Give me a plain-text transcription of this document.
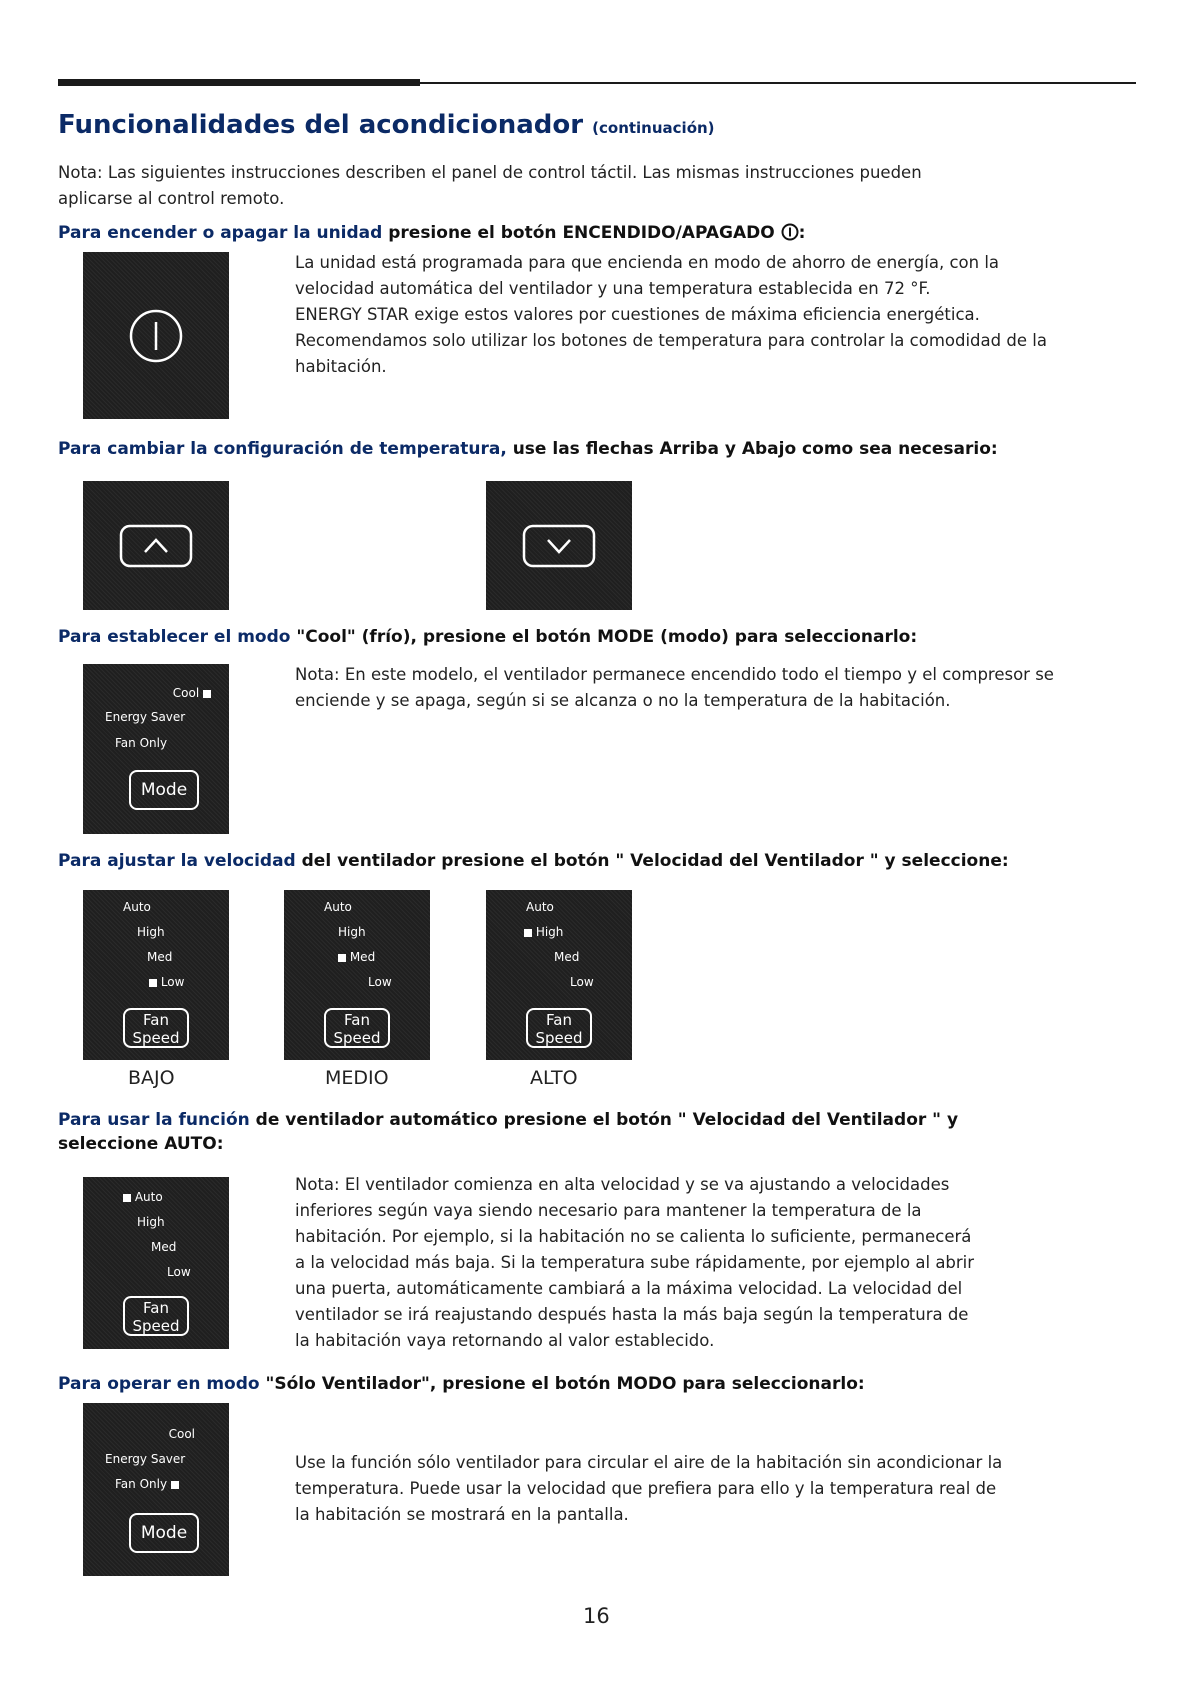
Funcionalidades del acondicionador (continuación)
Nota: Las siguientes instrucciones describen el panel de control táctil. Las mismas instrucciones pueden
aplicarse al control remoto.
Para encender o apagar la unidad presione el botón ENCENDIDO/APAGADO :
La unidad está programada para que encienda en modo de ahorro de energía, con la
velocidad automática del ventilador y una temperatura establecida en 72 °F.
ENERGY STAR exige estos valores por cuestiones de máxima eficiencia energética.
Recomendamos solo utilizar los botones de temperatura para controlar la comodidad de la
habitación.
Para cambiar la configuración de temperatura, use las flechas Arriba y Abajo como sea necesario:
Para establecer el modo "Cool" (frío), presione el botón MODE (modo) para seleccionarlo:
Cool
Energy Saver
Fan Only
Mode
Nota: En este modelo, el ventilador permanece encendido todo el tiempo y el compresor se
enciende y se apaga, según si se alcanza o no la temperatura de la habitación.
Para ajustar la velocidad del ventilador presione el botón " Velocidad del Ventilador " y seleccione:
Auto
High
Med
Low
Fan
Speed
Auto
High
Med
Low
Fan
Speed
Auto
High
Med
Low
Fan
Speed
BAJO	MEDIO	ALTO
Para usar la función de ventilador automático presione el botón " Velocidad del Ventilador " y
seleccione AUTO:
Auto
High
Med
Low
Fan
Speed
Nota: El ventilador comienza en alta velocidad y se va ajustando a velocidades
inferiores según vaya siendo necesario para mantener la temperatura de la
habitación. Por ejemplo, si la habitación no se calienta lo suficiente, permanecerá
a la velocidad más baja. Si la temperatura sube rápidamente, por ejemplo al abrir
una puerta, automáticamente cambiará a la máxima velocidad. La velocidad del
ventilador se irá reajustando después hasta la más baja según la temperatura de
la habitación vaya retornando al valor establecido.
Para operar en modo "Sólo Ventilador", presione el botón MODO para seleccionarlo:
Cool
Energy Saver
Fan Only
Mode
Use la función sólo ventilador para circular el aire de la habitación sin acondicionar la
temperatura. Puede usar la velocidad que prefiera para ello y la temperatura real de
la habitación se mostrará en la pantalla.
16
